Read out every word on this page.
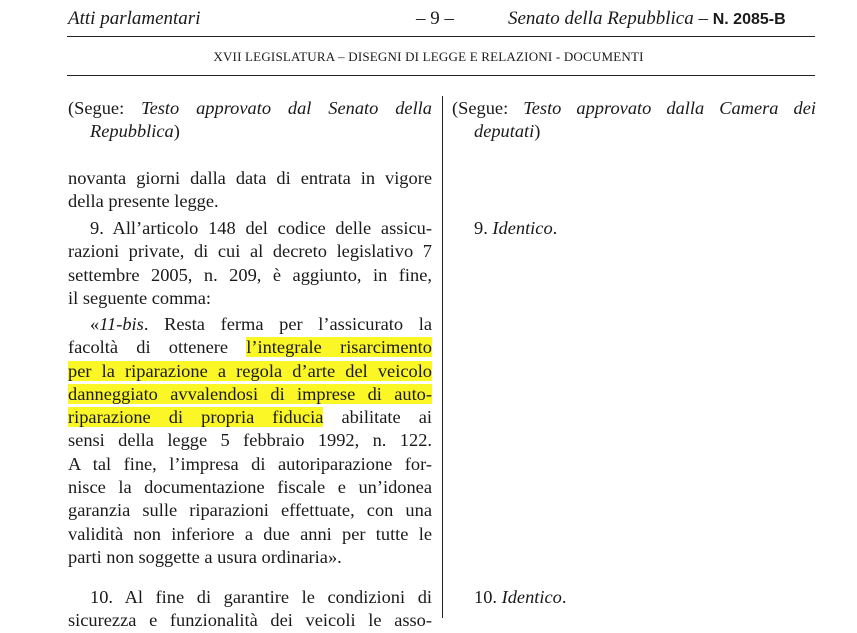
Atti parlamentari	– 9 –	Senato della Repubblica – N. 2085-B
XVII LEGISLATURA – DISEGNI DI LEGGE E RELAZIONI - DOCUMENTI
(Segue: Testo approvato dal Senato della
Repubblica)
novanta giorni dalla data di entrata in vigore
della presente legge.
9. All’articolo 148 del codice delle assicu-
razioni private, di cui al decreto legislativo 7
settembre 2005, n. 209, è aggiunto, in fine,
il seguente comma:
«11-bis. Resta ferma per l’assicurato la
facoltà di ottenere l’integrale risarcimento
per la riparazione a regola d’arte del veicolo
danneggiato avvalendosi di imprese di auto-
riparazione di propria fiducia abilitate ai
sensi della legge 5 febbraio 1992, n. 122.
A tal fine, l’impresa di autoriparazione for-
nisce la documentazione fiscale e un’idonea
garanzia sulle riparazioni effettuate, con una
validità non inferiore a due anni per tutte le
parti non soggette a usura ordinaria».
10. Al fine di garantire le condizioni di
sicurezza e funzionalità dei veicoli le asso-
(Segue: Testo approvato dalla Camera dei
deputati)
9. Identico.
10. Identico.
